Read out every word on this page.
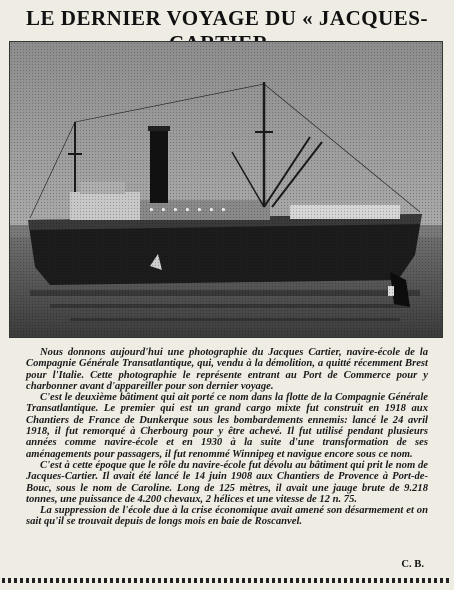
LE DERNIER VOYAGE DU « JACQUES-

Nous donnons aujourd'hui une photographie du Jacques Cartier, navire-école de la Compagnie Générale Transatlantique, qui, vendu à la démolition, a quitté récemment Brest pour l'Italie. Cette photographie le représente entrant au Port de Commerce pour y charbonner avant d'appareiller pour son dernier voyage.

C'est le deuxième bâtiment qui ait porté ce nom dans la flotte de la Compagnie Générale Transatlantique. Le premier qui est un grand cargo mixte fut construit en 1918 aux Chantiers de France de Dunkerque sous les bombardements ennemis: lancé le 24 avril 1918, il fut remorqué à Cherbourg pour y être achevé. Il fut utilisé pendant plusieurs années comme navire-école et en 1930 à la suite d'une transformation de ses aménagements pour passagers, il fut renommé Winnipeg et navigue encore sous ce nom.

C'est à cette époque que le rôle du navire-école fut dévolu au bâtiment qui prit le nom de Jacques-Cartier. Il avait été lancé le 14 juin 1908 aux Chantiers de Provence à Port-de-Bouc, sous le nom de Caroline. Long de 125 mètres, il avait une jauge brute de 9.218 tonnes, une puissance de 4.200 chevaux, 2 hélices et une vitesse de 12 n. 75.

La suppression de l'école due à la crise économique avait amené son désarmement et on sait qu'il se trouvait depuis de longs mois en baie de Roscanvel.

C. B.
